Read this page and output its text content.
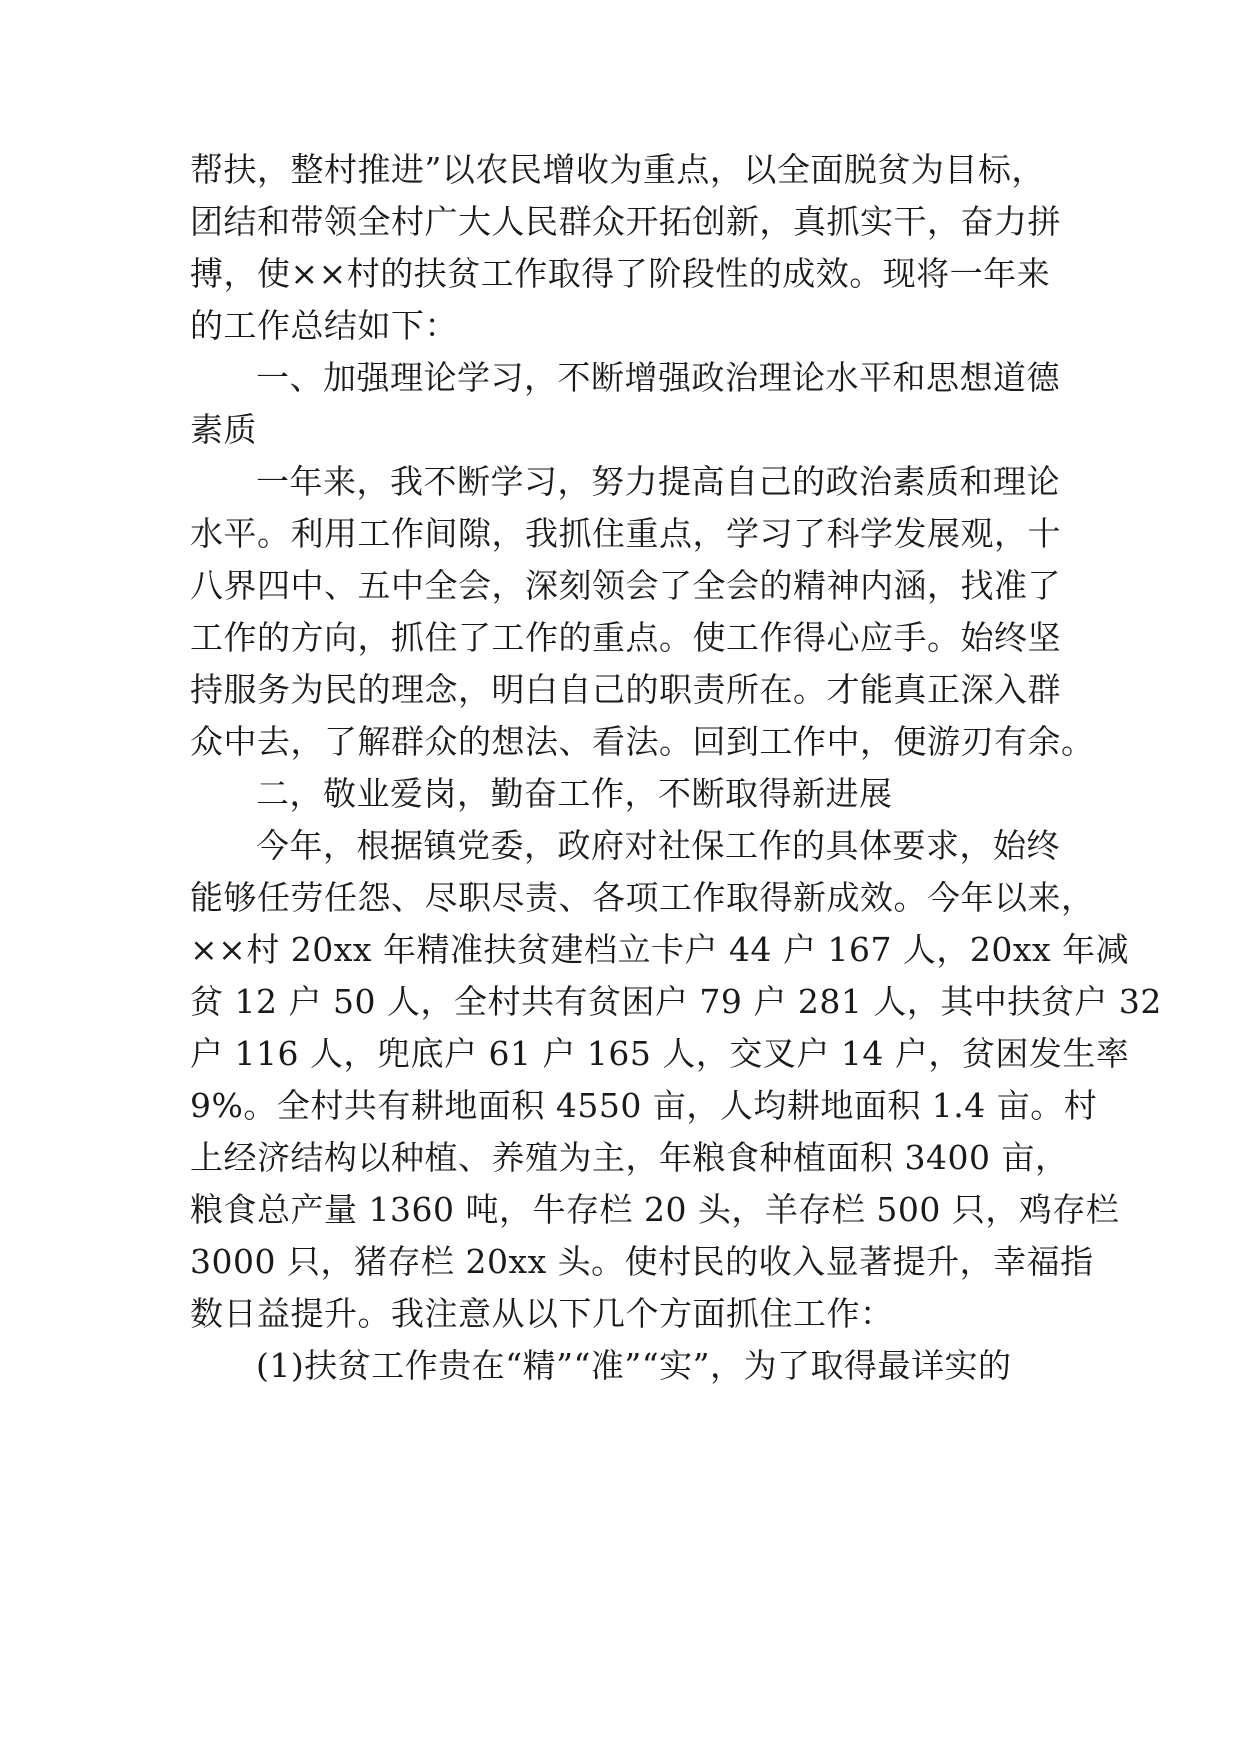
帮扶，整村推进”以农民增收为重点，以全面脱贫为目标，
团结和带领全村广大人民群众开拓创新，真抓实干，奋力拼
搏，使××村的扶贫工作取得了阶段性的成效。现将一年来
的工作总结如下：
一、加强理论学习，不断增强政治理论水平和思想道德
素质
一年来，我不断学习，努力提高自己的政治素质和理论
水平。利用工作间隙，我抓住重点，学习了科学发展观，十
八界四中、五中全会，深刻领会了全会的精神内涵，找准了
工作的方向，抓住了工作的重点。使工作得心应手。始终坚
持服务为民的理念，明白自己的职责所在。才能真正深入群
众中去，了解群众的想法、看法。回到工作中，便游刃有余。
二，敬业爱岗，勤奋工作，不断取得新进展
今年，根据镇党委，政府对社保工作的具体要求，始终
能够任劳任怨、尽职尽责、各项工作取得新成效。今年以来，
××村 20xx 年精准扶贫建档立卡户 44 户 167 人，20xx 年减
贫 12 户 50 人，全村共有贫困户 79 户 281 人，其中扶贫户 32
户 116 人，兜底户 61 户 165 人，交叉户 14 户，贫困发生率
9%。全村共有耕地面积 4550 亩，人均耕地面积 1.4 亩。村
上经济结构以种植、养殖为主，年粮食种植面积 3400 亩，
粮食总产量 1360 吨，牛存栏 20 头，羊存栏 500 只，鸡存栏
3000 只，猪存栏 20xx 头。使村民的收入显著提升，幸福指
数日益提升。我注意从以下几个方面抓住工作：
(1)扶贫工作贵在“精”“准”“实”，为了取得最详实的
